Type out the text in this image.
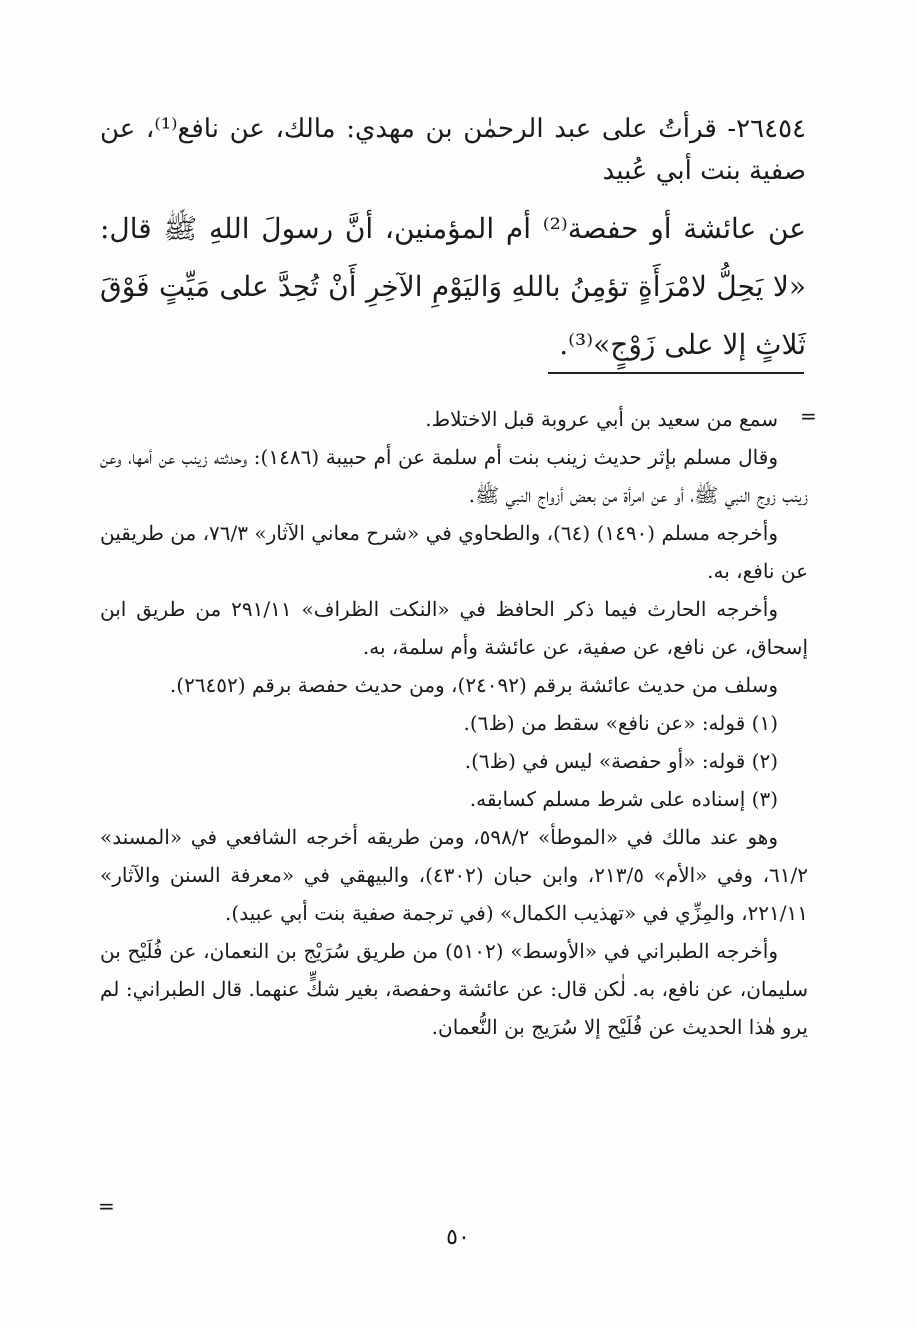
٢٦٤٥٤- قرأتُ على عبد الرحمٰن بن مهدي: مالك، عن نافع⁽¹⁾، عن
صفية بنت أبي عُبيد
عن عائشة أو حفصة⁽²⁾ أم المؤمنين، أنَّ رسولَ اللهِ ﷺ قال:
«لا يَحِلُّ لامْرَأَةٍ تؤمِنُ باللهِ وَاليَوْمِ الآخِرِ أَنْ تُحِدَّ على مَيِّتٍ فَوْقَ
ثَلاثٍ إلا على زَوْجٍ»⁽³⁾.
=

سمع من سعيد بن أبي عروبة قبل الاختلاط.

وقال مسلم بإثر حديث زينب بنت أم سلمة عن أم حبيبة (١٤٨٦): وحدثته زينب عن أمها، وعن زينب زوج النبي ﷺ، أو عن امرأة من بعض أزواج النبي ﷺ.

وأخرجه مسلم (١٤٩٠) (٦٤)، والطحاوي في «شرح معاني الآثار» ٧٦/٣، من طريقين عن نافع، به.

وأخرجه الحارث فيما ذكر الحافظ في «النكت الظراف» ٢٩١/١١ من طريق ابن إسحاق، عن نافع، عن صفية، عن عائشة وأم سلمة، به.

وسلف من حديث عائشة برقم (٢٤٠٩٢)، ومن حديث حفصة برقم (٢٦٤٥٢).

(١) قوله: «عن نافع» سقط من (ظ٦).

(٢) قوله: «أو حفصة» ليس في (ظ٦).

(٣) إسناده على شرط مسلم كسابقه.

وهو عند مالك في «الموطأ» ٥٩٨/٢، ومن طريقه أخرجه الشافعي في «المسند» ٦١/٢، وفي «الأم» ٢١٣/٥، وابن حبان (٤٣٠٢)، والبيهقي في «معرفة السنن والآثار» ٢٢١/١١، والمِزِّي في «تهذيب الكمال» (في ترجمة صفية بنت أبي عبيد).

وأخرجه الطبراني في «الأوسط» (٥١٠٢) من طريق سُرَيْج بن النعمان، عن فُلَيْح بن سليمان، عن نافع، به. لٰكن قال: عن عائشة وحفصة، بغير شكٍّ عنهما. قال الطبراني: لم يرو هٰذا الحديث عن فُلَيْح إلا سُرَيج بن النُّعمان.

=
٥٠
